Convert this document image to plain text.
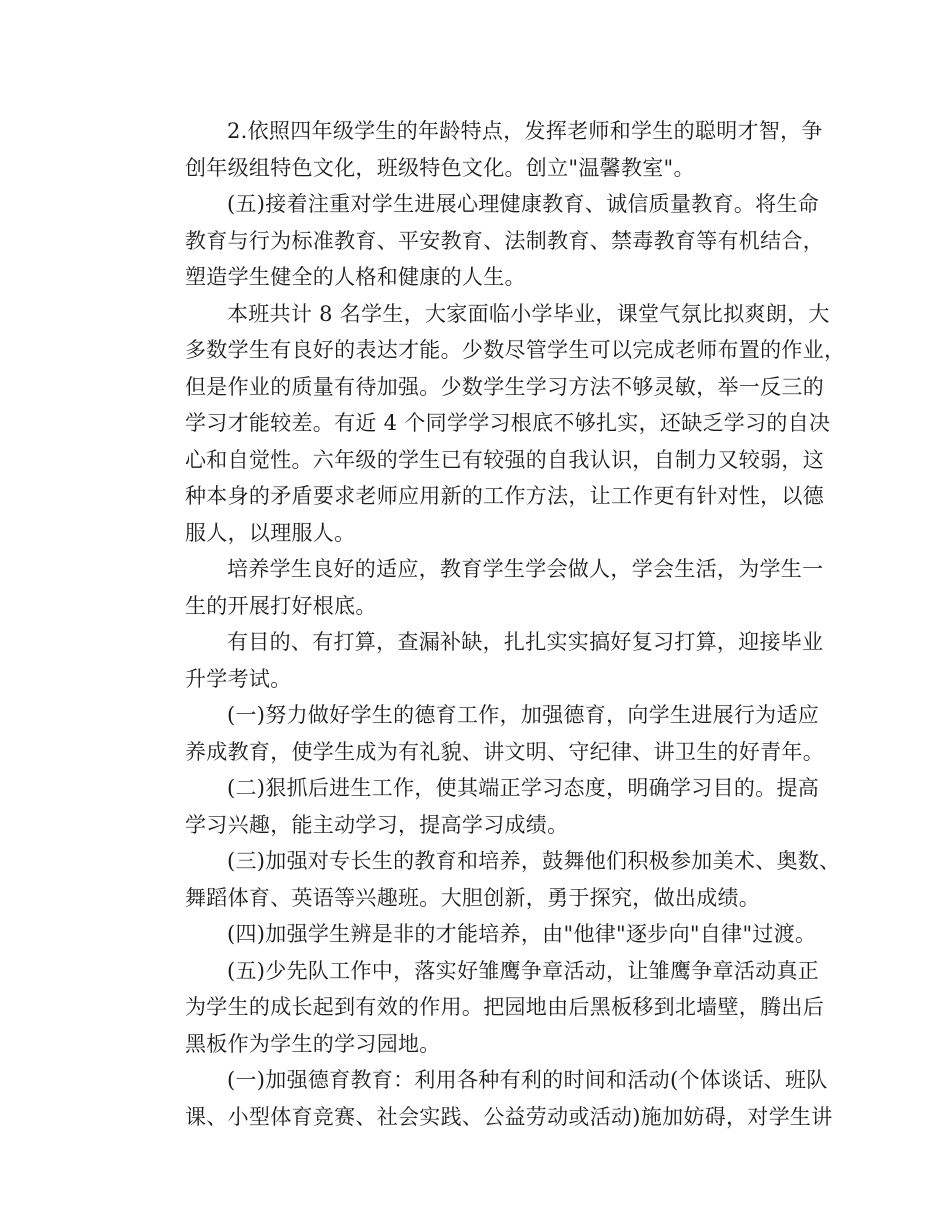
2.依照四年级学生的年龄特点，发挥老师和学生的聪明才智，争
创年级组特色文化，班级特色文化。创立"温馨教室"。
(五)接着注重对学生进展心理健康教育、诚信质量教育。将生命
教育与行为标准教育、平安教育、法制教育、禁毒教育等有机结合，
塑造学生健全的人格和健康的人生。
本班共计 8 名学生，大家面临小学毕业，课堂气氛比拟爽朗，大
多数学生有良好的表达才能。少数尽管学生可以完成老师布置的作业，
但是作业的质量有待加强。少数学生学习方法不够灵敏，举一反三的
学习才能较差。有近 4 个同学学习根底不够扎实，还缺乏学习的自决
心和自觉性。六年级的学生已有较强的自我认识，自制力又较弱，这
种本身的矛盾要求老师应用新的工作方法，让工作更有针对性，以德
服人，以理服人。
培养学生良好的适应，教育学生学会做人，学会生活，为学生一
生的开展打好根底。
有目的、有打算，查漏补缺，扎扎实实搞好复习打算，迎接毕业
升学考试。
(一)努力做好学生的德育工作，加强德育，向学生进展行为适应
养成教育，使学生成为有礼貌、讲文明、守纪律、讲卫生的好青年。
(二)狠抓后进生工作，使其端正学习态度，明确学习目的。提高
学习兴趣，能主动学习，提高学习成绩。
(三)加强对专长生的教育和培养，鼓舞他们积极参加美术、奥数、
舞蹈体育、英语等兴趣班。大胆创新，勇于探究，做出成绩。
(四)加强学生辨是非的才能培养，由"他律"逐步向"自律"过渡。
(五)少先队工作中，落实好雏鹰争章活动，让雏鹰争章活动真正
为学生的成长起到有效的作用。把园地由后黑板移到北墙壁，腾出后
黑板作为学生的学习园地。
(一)加强德育教育：利用各种有利的时间和活动(个体谈话、班队
课、小型体育竞赛、社会实践、公益劳动或活动)施加妨碍，对学生讲
